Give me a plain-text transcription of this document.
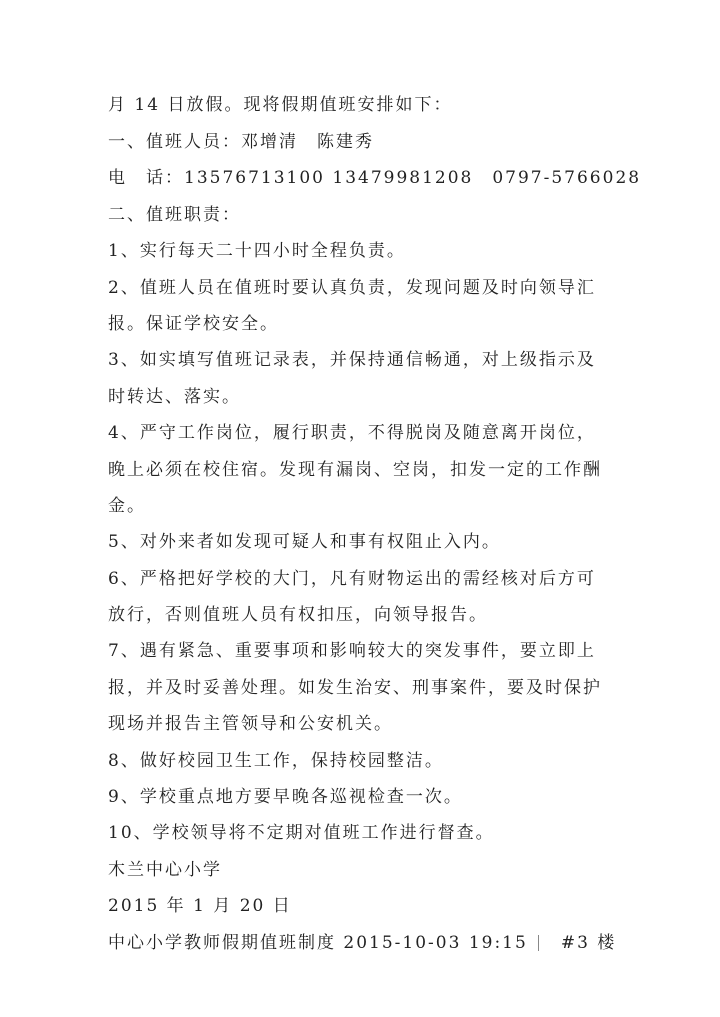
月 14 日放假。现将假期值班安排如下：
一、值班人员：邓增清　陈建秀
电　话：13576713100 13479981208　0797-5766028
二、值班职责：
1、实行每天二十四小时全程负责。
2、值班人员在值班时要认真负责，发现问题及时向领导汇
报。保证学校安全。
3、如实填写值班记录表，并保持通信畅通，对上级指示及
时转达、落实。
4、严守工作岗位，履行职责，不得脱岗及随意离开岗位，
晚上必须在校住宿。发现有漏岗、空岗，扣发一定的工作酬
金。
5、对外来者如发现可疑人和事有权阻止入内。
6、严格把好学校的大门，凡有财物运出的需经核对后方可
放行，否则值班人员有权扣压，向领导报告。
7、遇有紧急、重要事项和影响较大的突发事件，要立即上
报，并及时妥善处理。如发生治安、刑事案件，要及时保护
现场并报告主管领导和公安机关。
8、做好校园卫生工作，保持校园整洁。
9、学校重点地方要早晚各巡视检查一次。
10、学校领导将不定期对值班工作进行督查。
木兰中心小学
2015 年 1 月 20 日
中心小学教师假期值班制度 2015-10-03 19:15 #3 楼
